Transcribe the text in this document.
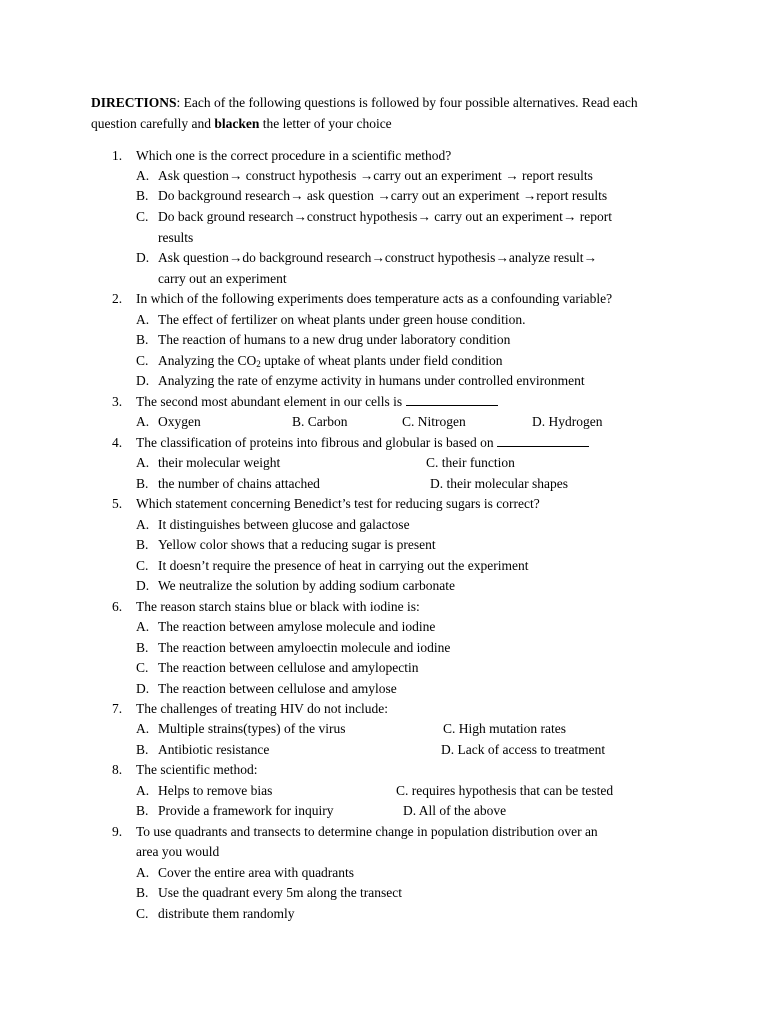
DIRECTIONS: Each of the following questions is followed by four possible alternatives. Read each question carefully and blacken the letter of your choice
1. Which one is the correct procedure in a scientific method?
A. Ask question→ construct hypothesis →carry out an experiment → report results
B. Do background research→ ask question →carry out an experiment →report results
C. Do back ground research→construct hypothesis→ carry out an experiment→ report
results
D. Ask question→do background research→construct hypothesis→analyze result→
carry out an experiment
2. In which of the following experiments does temperature acts as a confounding variable?
A. The effect of fertilizer on wheat plants under green house condition.
B. The reaction of humans to a new drug under laboratory condition
C. Analyzing the $CO_2$ uptake of wheat plants under field condition
D. Analyzing the rate of enzyme activity in humans under controlled environment
3. The second most abundant element in our cells is
A. Oxygen	B. Carbon	C. Nitrogen	D. Hydrogen
4. The classification of proteins into fibrous and globular is based on
A. their molecular weight	C. their function
B. the number of chains attached	D. their molecular shapes
5. Which statement concerning Benedict’s test for reducing sugars is correct?
A. It distinguishes between glucose and galactose
B. Yellow color shows that a reducing sugar is present
C. It doesn’t require the presence of heat in carrying out the experiment
D. We neutralize the solution by adding sodium carbonate
6. The reason starch stains blue or black with iodine is:
A. The reaction between amylose molecule and iodine
B. The reaction between amyloectin molecule and iodine
C. The reaction between cellulose and amylopectin
D. The reaction between cellulose and amylose
7. The challenges of treating HIV do not include:
A. Multiple strains(types) of the virus	C. High mutation rates
B. Antibiotic resistance	D. Lack of access to treatment
8. The scientific method:
A. Helps to remove bias	C. requires hypothesis that can be tested
B. Provide a framework for inquiry	D. All of the above
9. To use quadrants and transects to determine change in population distribution over an
area you would
A. Cover the entire area with quadrants
B. Use the quadrant every 5m along the transect
C. distribute them randomly
